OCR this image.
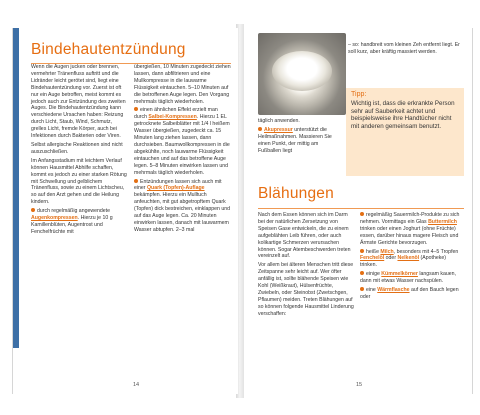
Bindehautentzündung

Wenn die Augen jucken oder brennen, vermehrter Tränenfluss auftritt und die Lidränder leicht gerötet sind, liegt eine Bindehautentzündung vor. Zuerst ist oft nur ein Auge betroffen, meist kommt es jedoch auch zur Entzündung des zweiten Auges. Die Bindehautentzündung kann verschiedene Ursachen haben: Reizung durch Licht, Staub, Wind, Schmutz, grelles Licht, fremde Körper, auch bei Infektionen durch Bakterien oder Viren.

Selbst allergische Reaktionen sind nicht auszuschließen.

Im Anfangsstadium mit leichtem Verlauf können Hausmittel Abhilfe schaffen, kommt es jedoch zu einer starken Rötung mit Schwellung und gelblichem Tränenfluss, sowie zu einem Lichtscheu, so auf den Arzt gehen und die Heilung kindern.

durch regelmäßig angewendete Augenkompressen. Hierzu je 10 g Kamillenblüten, Augentrost und Fenchelfrüchte mit

übergießen, 10 Minuten zugedeckt ziehen lassen, dann abfiltrieren und eine Mullkompresse in die lauwarme Flüssigkeit eintauchen. 5–10 Minuten auf die betroffenen Auge legen. Den Vorgang mehrmals täglich wiederholen.

einen ähnlichen Effekt erzielt man durch Salbei-Kompressen. Hierzu 1 EL getrocknete Salbeiblätter mit 1/4 l heißem Wasser übergießen, zugedeckt ca. 15 Minuten lang ziehen lassen, dann durchsieben. Baumwollkompressen in die abgekühlte, noch lauwarme Flüssigkeit eintauchen und auf das betroffene Auge legen. 5–8 Minuten einwirken lassen und mehrmals täglich wiederholen.

Entzündungen lassen sich auch mit einer Quark (Topfen)-Auflage bekämpfen. Hierzu ein Mulltuch anfeuchten, mit gut abgetropftem Quark (Topfen) dick bestreichen, einklappen und auf das Auge legen. Ca. 20 Minuten einwirken lassen, danach mit lauwarmem Wasser abtupfen. 2–3 mal

14
– so: handbreit vom kleinen Zeh entfernt liegt. Er soll kurz, aber kräftig massiert werden.
Tipp:
Wichtig ist, dass die erkrankte Person sehr auf Sauberkeit achtet und beispielsweise ihre Handtücher nicht mit anderen gemeinsam benutzt.

täglich anwenden.

Akupressur unterstützt die Heilmaßnahmen. Massieren Sie einen Punkt, der mittig am Fußballen liegt

Blähungen

Nach dem Essen können sich im Darm bei der natürlichen Zersetzung von Speisen Gase entwickeln, die zu einem aufgeblähten Leib führen, oder auch kolikartige Schmerzen verursachen können. Sogar Atembeschwerden treten vereinzelt auf.

Vor allem bei älteren Menschen tritt diese Zeitspanne sehr leicht auf. Wer öfter anfällig ist, sollte blähende Speisen wie Kohl (Weißkraut), Hülsenfrüchte, Zwiebeln, oder Steinobst (Zwetschgen, Pflaumen) meiden. Treten Blähungen auf so können folgende Hausmittel Linderung verschaffen:

regelmäßig Sauermilch-Produkte zu sich nehmen. Vormittags ein Glas Buttermilch trinken oder einen Joghurt (ohne Früchte) essen, darüber hinaus magere Fleisch und Ärmste Gerichte bevorzugen.

heiße Milch, besonders mit 4–5 Tropfen Fenchelöl oder Nelkenöl (Apotheke) trinken.

einige Kümmelkörner langsam kauen, dann mit etwas Wasser nachspülen.

eine Wärmflasche auf den Bauch legen oder

15
